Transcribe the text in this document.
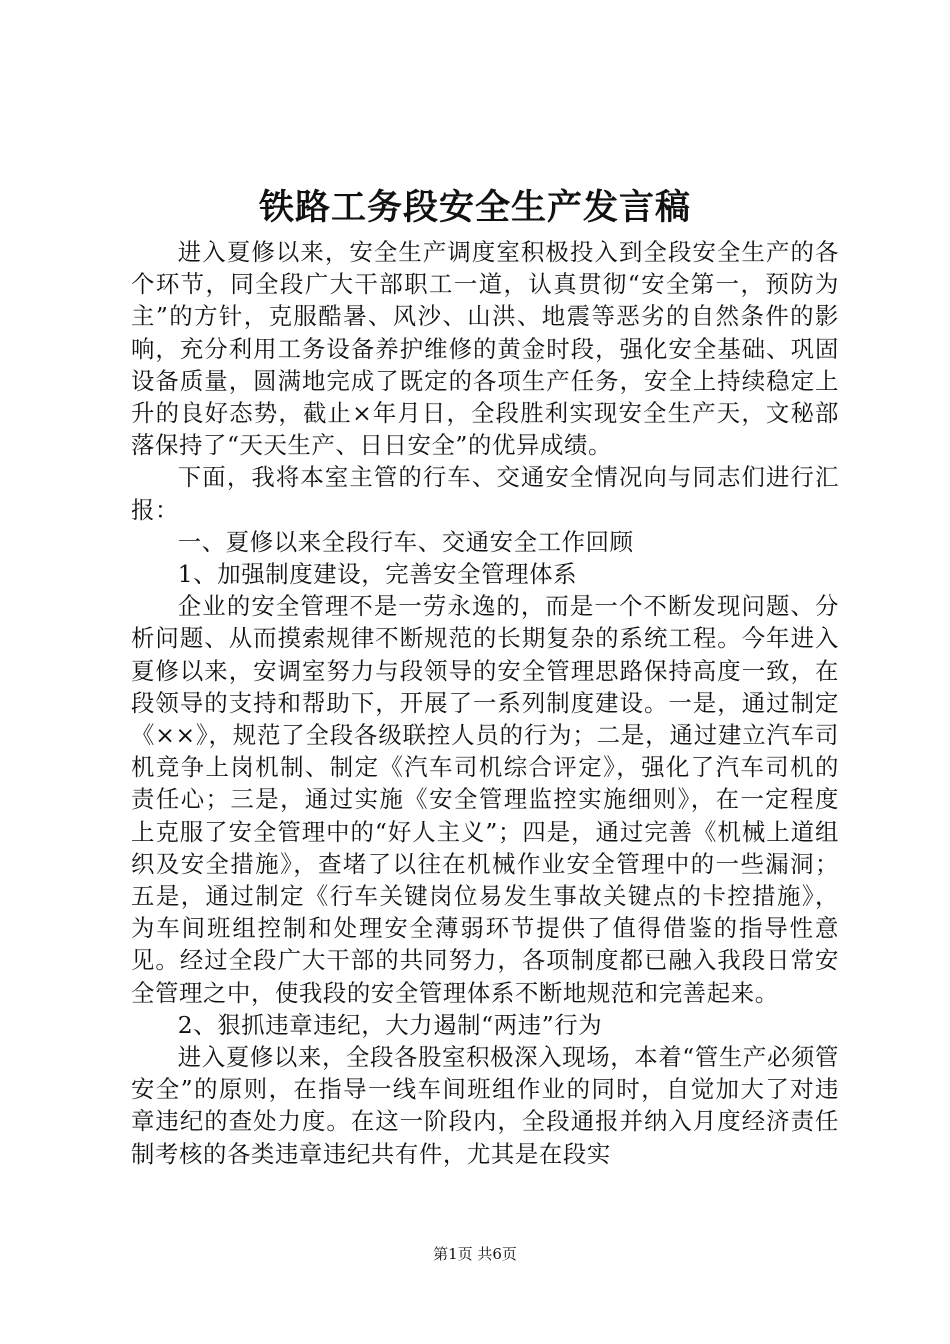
铁路工务段安全生产发言稿

进入夏修以来，安全生产调度室积极投入到全段安全生产的各个环节，同全段广大干部职工一道，认真贯彻“安全第一，预防为主”的方针，克服酷暑、风沙、山洪、地震等恶劣的自然条件的影响，充分利用工务设备养护维修的黄金时段，强化安全基础、巩固设备质量，圆满地完成了既定的各项生产任务，安全上持续稳定上升的良好态势，截止×年月日，全段胜利实现安全生产天，文秘部落保持了“天天生产、日日安全”的优异成绩。

下面，我将本室主管的行车、交通安全情况向与同志们进行汇报：

一、夏修以来全段行车、交通安全工作回顾

1、加强制度建设，完善安全管理体系

企业的安全管理不是一劳永逸的，而是一个不断发现问题、分析问题、从而摸索规律不断规范的长期复杂的系统工程。今年进入夏修以来，安调室努力与段领导的安全管理思路保持高度一致，在段领导的支持和帮助下，开展了一系列制度建设。一是，通过制定《××》，规范了全段各级联控人员的行为；二是，通过建立汽车司机竞争上岗机制、制定《汽车司机综合评定》，强化了汽车司机的责任心；三是，通过实施《安全管理监控实施细则》，在一定程度上克服了安全管理中的“好人主义”；四是，通过完善《机械上道组织及安全措施》，查堵了以往在机械作业安全管理中的一些漏洞；五是，通过制定《行车关键岗位易发生事故关键点的卡控措施》，为车间班组控制和处理安全薄弱环节提供了值得借鉴的指导性意见。经过全段广大干部的共同努力，各项制度都已融入我段日常安全管理之中，使我段的安全管理体系不断地规范和完善起来。

2、狠抓违章违纪，大力遏制“两违”行为

进入夏修以来，全段各股室积极深入现场，本着“管生产必须管安全”的原则，在指导一线车间班组作业的同时，自觉加大了对违章违纪的查处力度。在这一阶段内，全段通报并纳入月度经济责任制考核的各类违章违纪共有件，尤其是在段实

第1页 共6页
